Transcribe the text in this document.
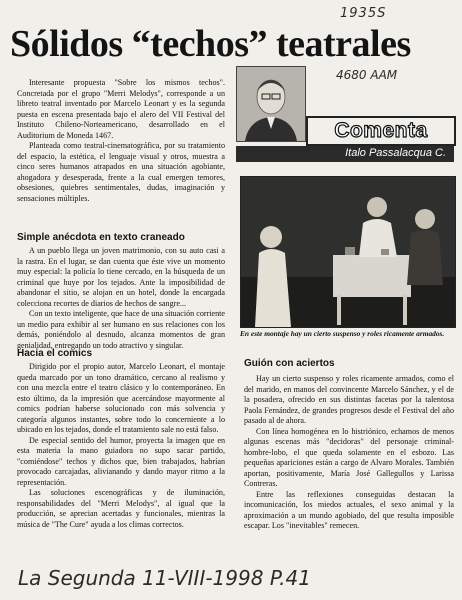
1935S
4680 AAM
Sólidos “techos” teatrales

Interesante propuesta "Sobre los mismos techos". Concretada por el grupo "Merri Melodys", corresponde a un libreto teatral inventado por Marcelo Leonart y es la segunda puesta en escena presentada bajo el alero del VII Festival del Instituto Chileno-Norteamericano, desarrollado en el Auditorium de Moneda 1467.

Planteada como teatral-cinematográfica, por su tratamiento del espacio, la estética, el lenguaje visual y otros, muestra a cinco seres humanos atrapados en una situación agobiante, ahogadora y desesperada, frente a la cual emergen temores, obsesiones, quiebres sentimentales, dudas, imaginación y sensaciones múltiples.

Simple anécdota en texto craneado

A un pueblo llega un joven matrimonio, con su auto casi a la rastra. En el lugar, se dan cuenta que éste vive un momento muy especial: la policía lo tiene cercado, en la búsqueda de un criminal que huye por los tejados. Ante la imposibilidad de abandonar el sitio, se alojan en un hotel, donde la encargada colecciona recortes de diarios de hechos de sangre...

Con un texto inteligente, que hace de una situación corriente un medio para exhibir al ser humano en sus relaciones con los demás, poniéndolo al desnudo, alcanza momentos de gran genialidad, entregando un todo atractivo y singular.

Hacia el comics

Dirigido por el propio autor, Marcelo Leonart, el montaje queda marcado por un tono dramático, cercano al realismo y con una mezcla entre el teatro clásico y lo contemporáneo. En esto último, da la impresión que acercándose mayormente al comics podrían haberse solucionado con más solvencia y categoría algunos instantes, sobre todo lo concerniente a lo ubicado en los tejados, donde el tratamiento sale no está falso.

De especial sentido del humor, proyecta la imagen que en esta materia la mano guiadora no supo sacar partido, "comiéndose" techos y dichos que, bien trabajados, habrían provocado carcajadas, alivianando y dando mayor ritmo a la representación.

Las soluciones escenográficas y de iluminación, responsabilidades del "Merri Melodys", al igual que la producción, se aprecian acertadas y funcionales, mientras la música de "The Cure" ayuda a los climas correctos.

Comenta
Italo Passalacqua C.
En este montaje hay un cierto suspenso y roles ricamente armados.
Guión con aciertos

Hay un cierto suspenso y roles ricamente armados, como el del marido, en manos del convincente Marcelo Sánchez, y el de la posadera, ofrecido en sus distintas facetas por la talentosa Paola Fernández, de grandes progresos desde el Festival del año pasado al de ahora.

Con línea homogénea en lo histriónico, echamos de menos algunas escenas más "decidoras" del personaje criminal-hombre-lobo, el que queda solamente en el esbozo. Las pequeñas apariciones están a cargo de Alvaro Morales. También aportan, positivamente, María José Gallegullos y Larissa Contreras.

Entre las reflexiones conseguidas destacan la incomunicación, los miedos actuales, el sexo animal y la aproximación a un mundo agobiado, del que resulta imposible escapar. Los "inevitables" remecen.

La Segunda 11-VIII-1998 P.41
